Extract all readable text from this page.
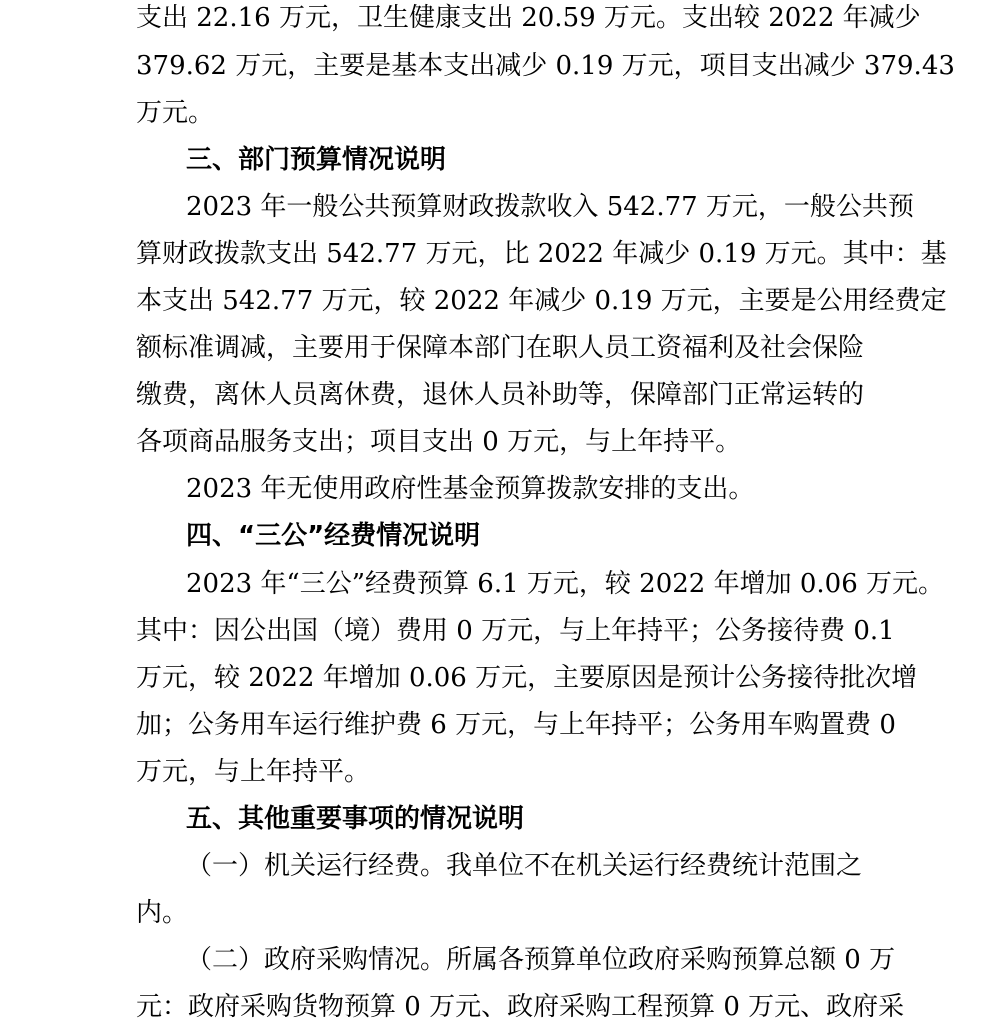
支出 22.16 万元，卫生健康支出 20.59 万元。支出较 2022 年减少
379.62 万元，主要是基本支出减少 0.19 万元，项目支出减少 379.43
万元。
三、部门预算情况说明
2023 年一般公共预算财政拨款收入 542.77 万元，一般公共预
算财政拨款支出 542.77 万元，比 2022 年减少 0.19 万元。其中：基
本支出 542.77 万元，较 2022 年减少 0.19 万元，主要是公用经费定
额标准调减，主要用于保障本部门在职人员工资福利及社会保险
缴费，离休人员离休费，退休人员补助等，保障部门正常运转的
各项商品服务支出；项目支出 0 万元，与上年持平。
2023 年无使用政府性基金预算拨款安排的支出。
四、“三公”经费情况说明
2023 年“三公”经费预算 6.1 万元，较 2022 年增加 0.06 万元。
其中：因公出国（境）费用 0 万元，与上年持平；公务接待费 0.1
万元，较 2022 年增加 0.06 万元，主要原因是预计公务接待批次增
加；公务用车运行维护费 6 万元，与上年持平；公务用车购置费 0
万元，与上年持平。
五、其他重要事项的情况说明
（一）机关运行经费。我单位不在机关运行经费统计范围之
内。
（二）政府采购情况。所属各预算单位政府采购预算总额 0 万
元：政府采购货物预算 0 万元、政府采购工程预算 0 万元、政府采
